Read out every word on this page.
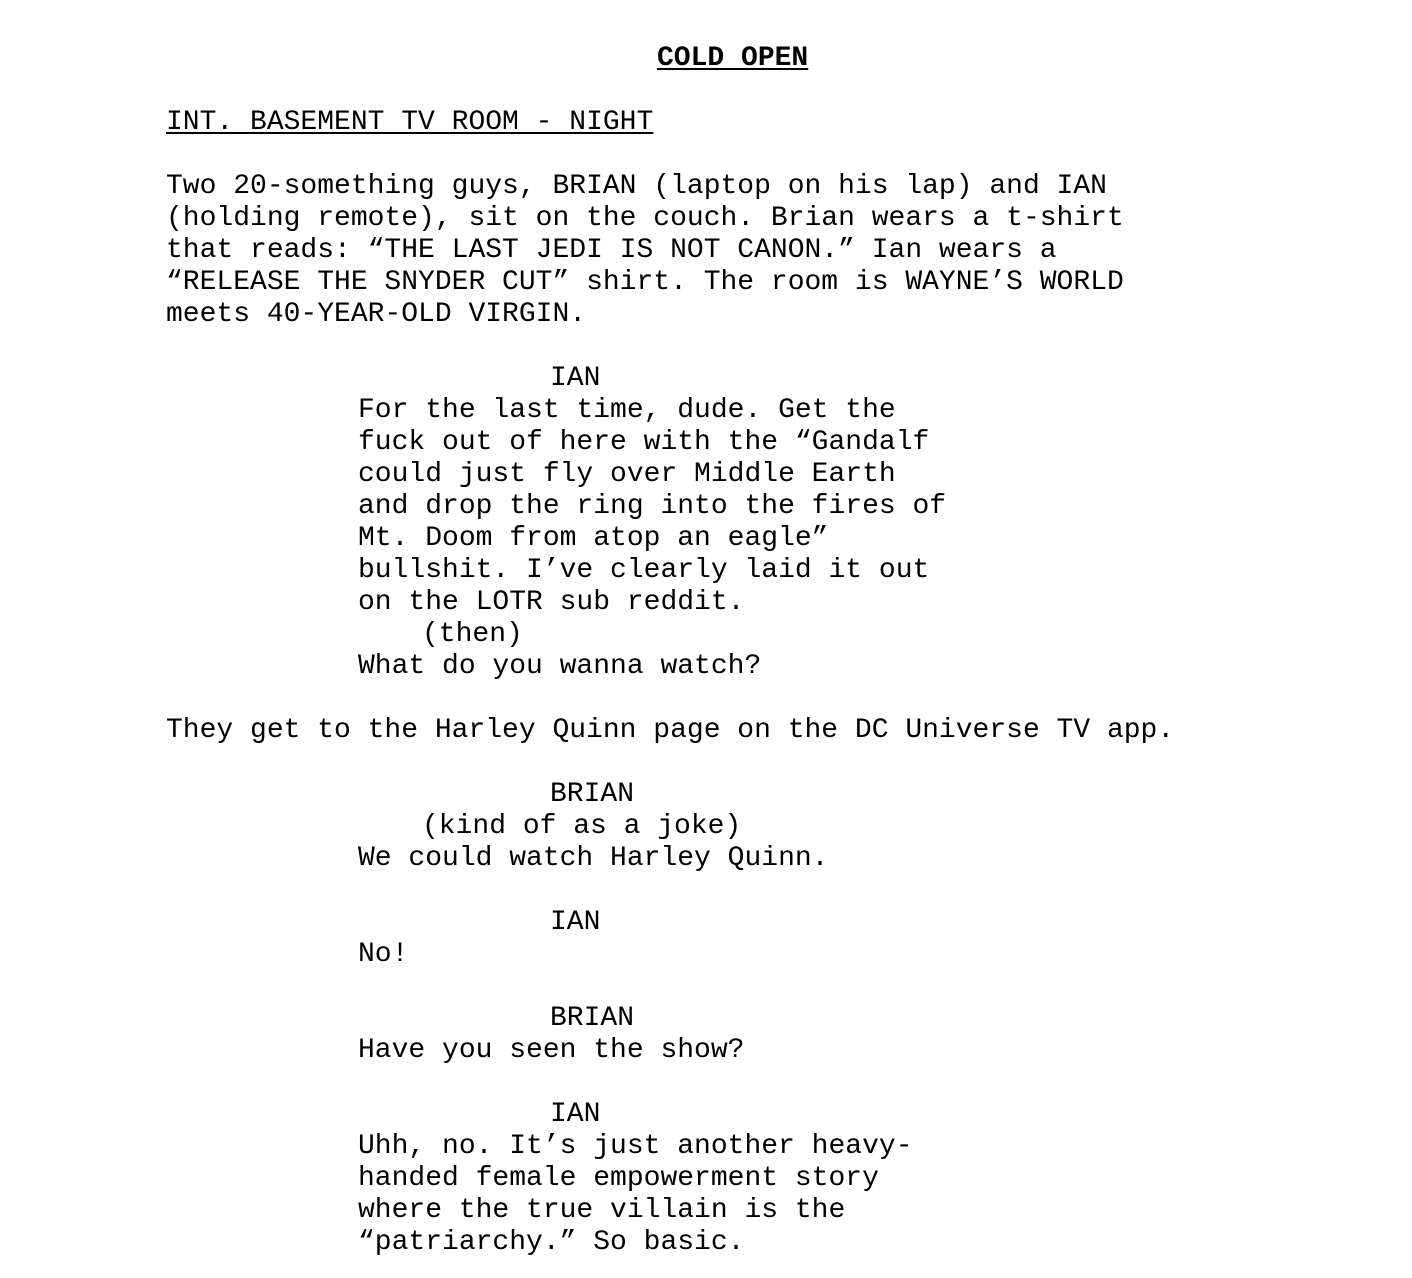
COLD OPEN
INT. BASEMENT TV ROOM - NIGHT
Two 20-something guys, BRIAN (laptop on his lap) and IAN
(holding remote), sit on the couch. Brian wears a t-shirt
that reads: “THE LAST JEDI IS NOT CANON.” Ian wears a
“RELEASE THE SNYDER CUT” shirt. The room is WAYNE’S WORLD
meets 40-YEAR-OLD VIRGIN.
IAN
For the last time, dude. Get the
fuck out of here with the “Gandalf
could just fly over Middle Earth
and drop the ring into the fires of
Mt. Doom from atop an eagle”
bullshit. I’ve clearly laid it out
on the LOTR sub reddit.
(then)
What do you wanna watch?
They get to the Harley Quinn page on the DC Universe TV app.
BRIAN
(kind of as a joke)
We could watch Harley Quinn.
IAN
No!
BRIAN
Have you seen the show?
IAN
Uhh, no. It’s just another heavy-
handed female empowerment story
where the true villain is the
“patriarchy.” So basic.
